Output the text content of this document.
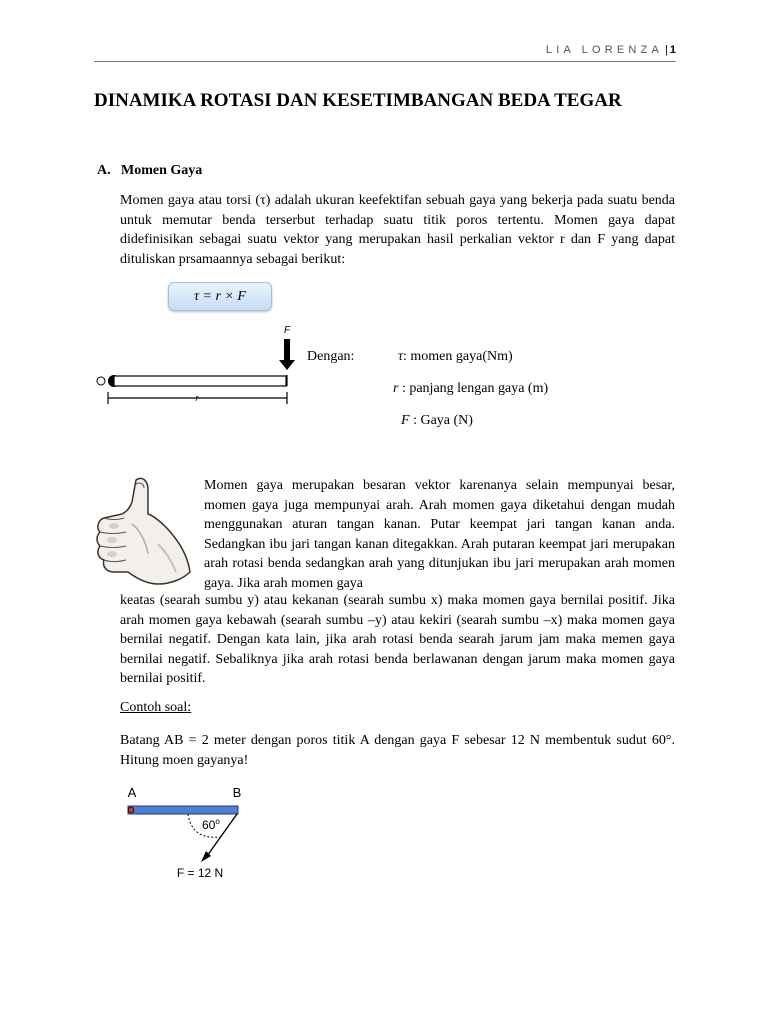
LIA LORENZA | 1
DINAMIKA ROTASI DAN KESETIMBANGAN BEDA TEGAR
A. Momen Gaya
Momen gaya atau torsi (τ) adalah ukuran keefektifan sebuah gaya yang bekerja pada suatu benda untuk memutar benda terserbut terhadap suatu titik poros tertentu. Momen gaya dapat didefinisikan sebagai suatu vektor yang merupakan hasil perkalian vektor r dan F yang dapat dituliskan prsamaannya sebagai berikut:
τ = r × F
F
r
Dengan:	τ: momen gaya(Nm)
r : panjang lengan gaya (m)
F : Gaya (N)
Momen gaya merupakan besaran vektor karenanya selain mempunyai besar, momen gaya juga mempunyai arah. Arah momen gaya diketahui dengan mudah menggunakan aturan tangan kanan. Putar keempat jari tangan kanan anda. Sedangkan ibu jari tangan kanan ditegakkan. Arah putaran keempat jari merupakan arah rotasi benda sedangkan arah yang ditunjukan ibu jari merupakan arah momen gaya. Jika arah momen gaya
keatas (searah sumbu y) atau kekanan (searah sumbu x) maka momen gaya bernilai positif. Jika arah momen gaya kebawah (searah sumbu –y) atau kekiri (searah sumbu –x) maka momen gaya bernilai negatif. Dengan kata lain, jika arah rotasi benda searah jarum jam maka memen gaya bernilai negatif. Sebaliknya jika arah rotasi benda berlawanan dengan jarum maka momen gaya bernilai positif.
Contoh soal:
Batang AB = 2 meter dengan poros titik A dengan gaya F sebesar 12 N membentuk sudut 60°. Hitung moen gayanya!
A	B
60$^o$
F = 12 N
